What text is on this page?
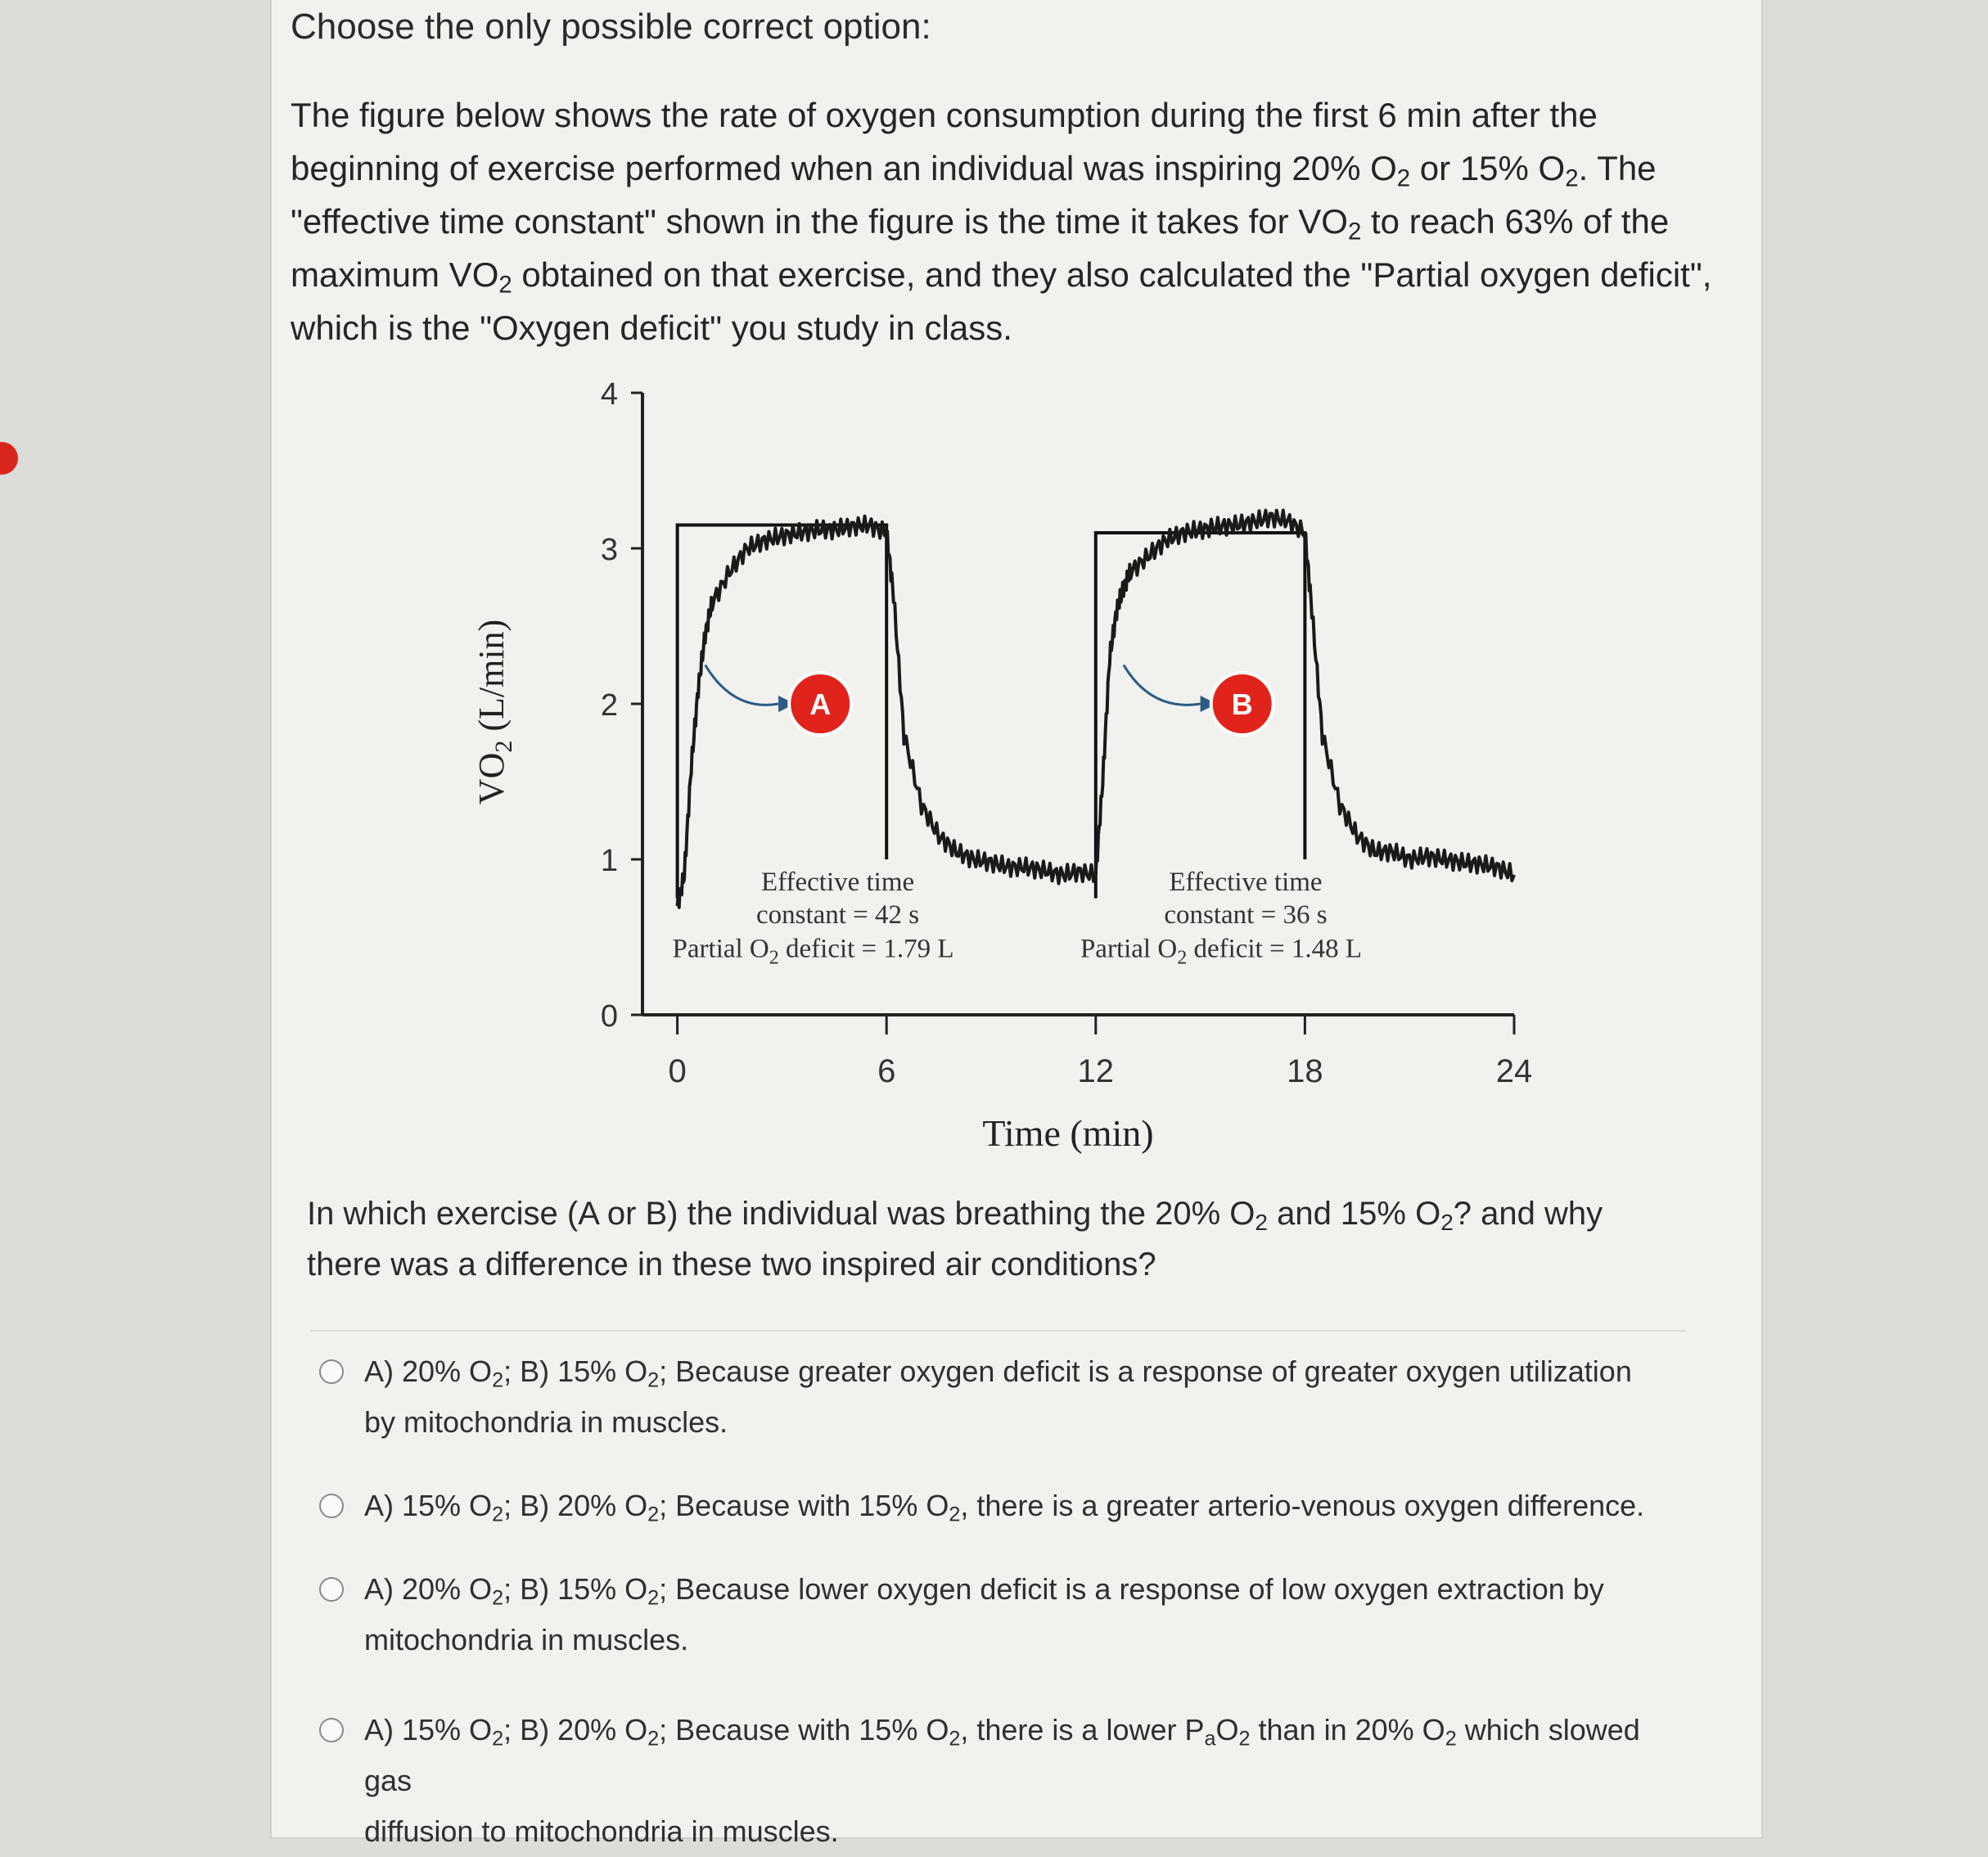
Choose the only possible correct option:

The figure below shows the rate of oxygen consumption during the first 6 min after the

beginning of exercise performed when an individual was inspiring 20% $O_2$ or 15% $O_2$. The

"effective time constant" shown in the figure is the time it takes for $VO_2$ to reach 63% of the

maximum $VO_2$ obtained on that exercise, and they also calculated the "Partial oxygen deficit",

which is the "Oxygen deficit" you study in class.

0
1
2
3
4
0	6	12	18	24
Time (min)
$VO_2$ (L/min)	A	B
Effective time
constant = 42 s
Partial $O_2$ deficit = 1.79 L
Effective time
constant = 36 s
Partial $O_2$ deficit = 1.48 L
In which exercise (A or B) the individual was breathing the 20% $O_2$ and 15% $O_2$? and why
there was a difference in these two inspired air conditions?
A) 20% $O_2$; B) 15% $O_2$; Because greater oxygen deficit is a response of greater oxygen utilization
by mitochondria in muscles.
A) 15% $O_2$; B) 20% $O_2$; Because with 15% $O_2$, there is a greater arterio-venous oxygen difference.
A) 20% $O_2$; B) 15% $O_2$; Because lower oxygen deficit is a response of low oxygen extraction by
mitochondria in muscles.
A) 15% $O_2$; B) 20% $O_2$; Because with 15% $O_2$, there is a lower $P_aO_2$ than in 20% $O_2$ which slowed gas
diffusion to mitochondria in muscles.
